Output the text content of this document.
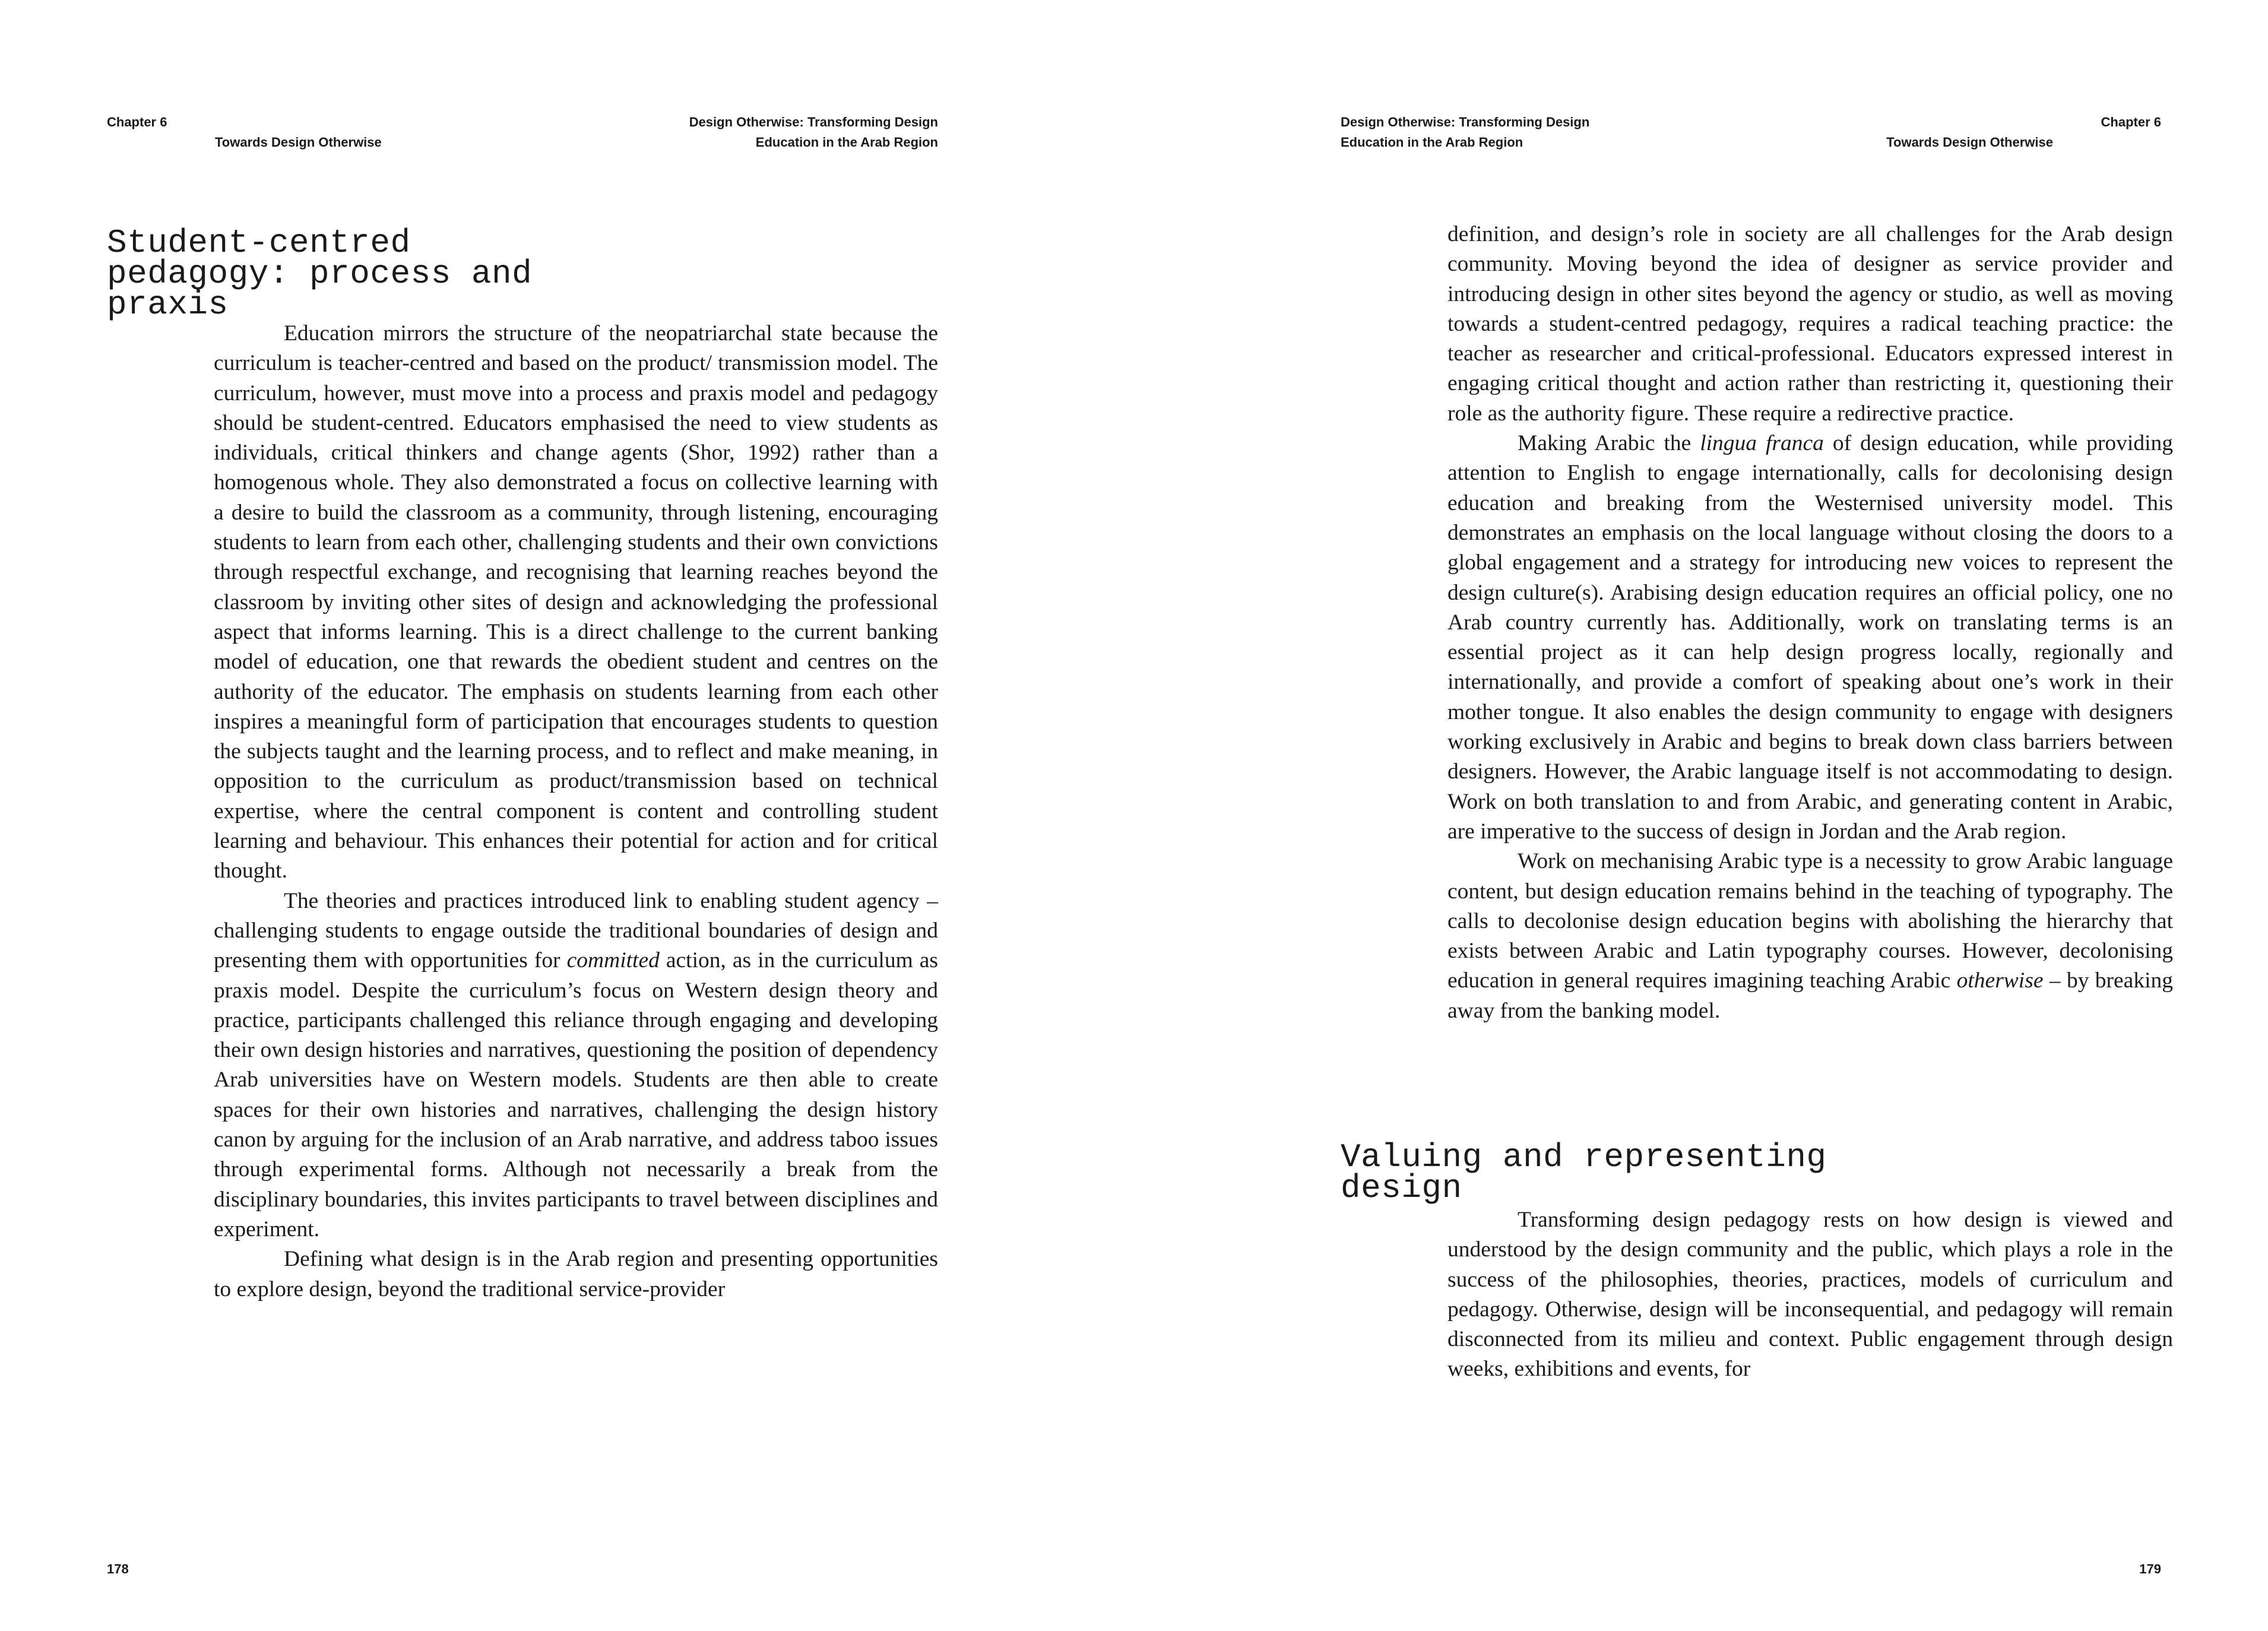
Chapter 6
Towards Design Otherwise
Design Otherwise: Transforming Design
Education in the Arab Region
Student-centred
pedagogy: process and
praxis

Education mirrors the structure of the neopatriarchal state because the curriculum is teacher-centred and based on the product/ transmission model. The curriculum, however, must move into a process and praxis model and pedagogy should be student-centred. Educators emphasised the need to view students as individuals, critical thinkers and change agents (Shor, 1992) rather than a homogenous whole. They also demonstrated a focus on collective learning with a desire to build the classroom as a community, through listening, encouraging students to learn from each other, challenging students and their own convictions through respectful exchange, and recognising that learning reaches beyond the classroom by inviting other sites of design and acknowledging the professional aspect that informs learning. This is a direct challenge to the current banking model of education, one that rewards the obedient student and centres on the authority of the educator. The emphasis on students learning from each other inspires a meaningful form of participation that encourages students to question the subjects taught and the learning process, and to reflect and make meaning, in opposition to the curriculum as product/transmission based on technical expertise, where the central component is content and controlling student learning and behaviour. This enhances their potential for action and for critical thought.

The theories and practices introduced link to enabling student agency – challenging students to engage outside the traditional boundaries of design and presenting them with opportunities for committed action, as in the curriculum as praxis model. Despite the curriculum’s focus on Western design theory and practice, participants challenged this reliance through engaging and developing their own design histories and narratives, questioning the position of dependency Arab universities have on Western models. Students are then able to create spaces for their own histories and narratives, challenging the design history canon by arguing for the inclusion of an Arab narrative, and address taboo issues through experimental forms. Although not necessarily a break from the disciplinary boundaries, this invites participants to travel between disciplines and experiment.

Defining what design is in the Arab region and presenting opportunities to explore design, beyond the traditional service-provider

178
Design Otherwise: Transforming Design
Education in the Arab Region
Chapter 6
Towards Design Otherwise

definition, and design’s role in society are all challenges for the Arab design community. Moving beyond the idea of designer as service provider and introducing design in other sites beyond the agency or studio, as well as moving towards a student-centred pedagogy, requires a radical teaching practice: the teacher as researcher and critical-professional. Educators expressed interest in engaging critical thought and action rather than restricting it, questioning their role as the authority figure. These require a redirective practice.

Making Arabic the lingua franca of design education, while providing attention to English to engage internationally, calls for decolonising design education and breaking from the Westernised university model. This demonstrates an emphasis on the local language without closing the doors to a global engagement and a strategy for introducing new voices to represent the design culture(s). Arabising design education requires an official policy, one no Arab country currently has. Additionally, work on translating terms is an essential project as it can help design progress locally, regionally and internationally, and provide a comfort of speaking about one’s work in their mother tongue. It also enables the design community to engage with designers working exclusively in Arabic and begins to break down class barriers between designers. However, the Arabic language itself is not accommodating to design. Work on both translation to and from Arabic, and generating content in Arabic, are imperative to the success of design in Jordan and the Arab region.

Work on mechanising Arabic type is a necessity to grow Arabic language content, but design education remains behind in the teaching of typography. The calls to decolonise design education begins with abolishing the hierarchy that exists between Arabic and Latin typography courses. However, decolonising education in general requires imagining teaching Arabic otherwise – by breaking away from the banking model.

Valuing and representing
design

Transforming design pedagogy rests on how design is viewed and understood by the design community and the public, which plays a role in the success of the philosophies, theories, practices, models of curriculum and pedagogy. Otherwise, design will be inconsequential, and pedagogy will remain disconnected from its milieu and context. Public engagement through design weeks, exhibitions and events, for

179
